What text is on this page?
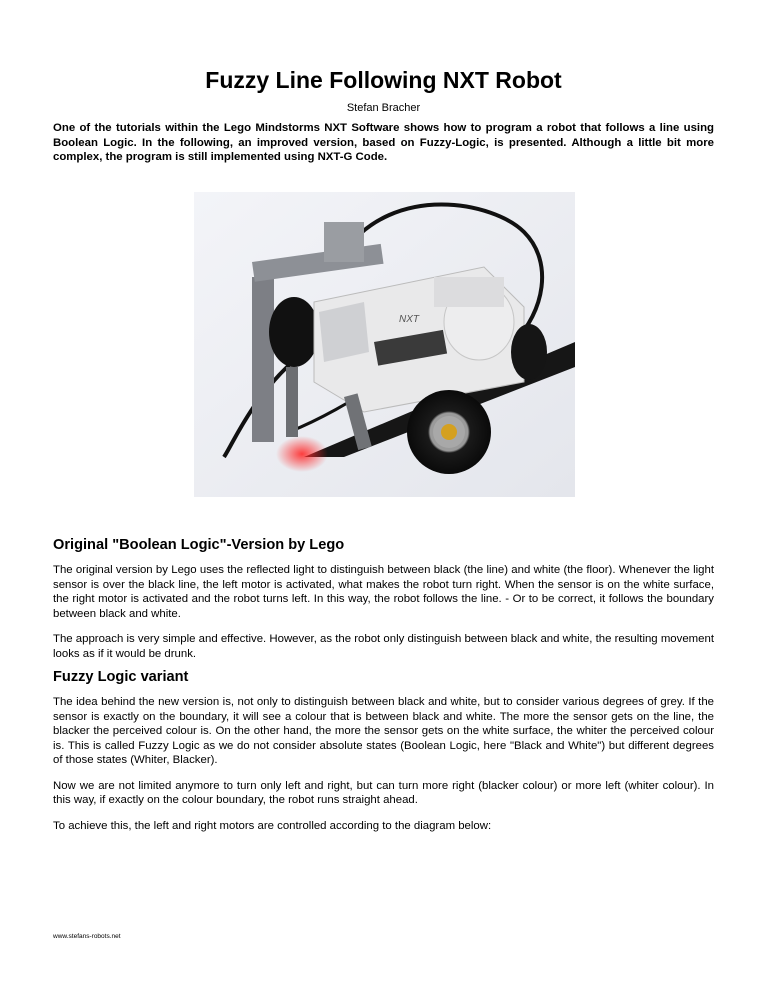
Fuzzy Line Following NXT Robot
Stefan Bracher
One of the tutorials within the Lego Mindstorms NXT Software shows how to program a robot that follows a line using Boolean Logic. In the following, an improved version, based on Fuzzy-Logic, is presented. Although a little bit more complex, the program is still implemented using NXT-G Code.
NXT
Original "Boolean Logic"-Version by Lego

The original version by Lego uses the reflected light to distinguish between black (the line) and white (the floor). Whenever the light sensor is over the black line, the left motor is activated, what makes the robot turn right. When the sensor is on the white surface, the right motor is activated and the robot turns left. In this way, the robot follows the line. - Or to be correct, it follows the boundary between black and white.

The approach is very simple and effective. However, as the robot only distinguish between black and white, the resulting movement looks as if it would be drunk.

Fuzzy Logic variant

The idea behind the new version is, not only to distinguish between black and white, but to consider various degrees of grey. If the sensor is exactly on the boundary, it will see a colour that is between black and white. The more the sensor gets on the line, the blacker the perceived colour is. On the other hand, the more the sensor gets on the white surface, the whiter the perceived colour is. This is called Fuzzy Logic as we do not consider absolute states (Boolean Logic, here "Black and White") but different degrees of those states (Whiter, Blacker).

Now we are not limited anymore to turn only left and right, but can turn more right (blacker colour) or more left (whiter colour). In this way, if exactly on the colour boundary, the robot runs straight ahead.

To achieve this, the left and right motors are controlled according to the diagram below:

www.stefans-robots.net
